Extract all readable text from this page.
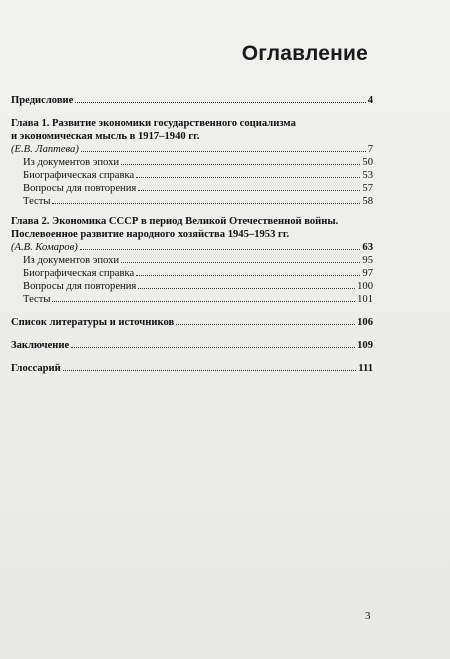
Оглавление
Предисловие	4
Глава 1. Развитие экономики государственного социализма
и экономическая мысль в 1917–1940 гг.
(Е.В. Лаптева)	7
Из документов эпохи	50
Биографическая справка	53
Вопросы для повторения	57
Тесты	58
Глава 2. Экономика СССР в период Великой Отечественной войны.
Послевоенное развитие народного хозяйства 1945–1953 гг.
(А.В. Комаров)	63
Из документов эпохи	95
Биографическая справка	97
Вопросы для повторения	100
Тесты	101
Список литературы и источников	106
Заключение	109
Глоссарий	111
3
